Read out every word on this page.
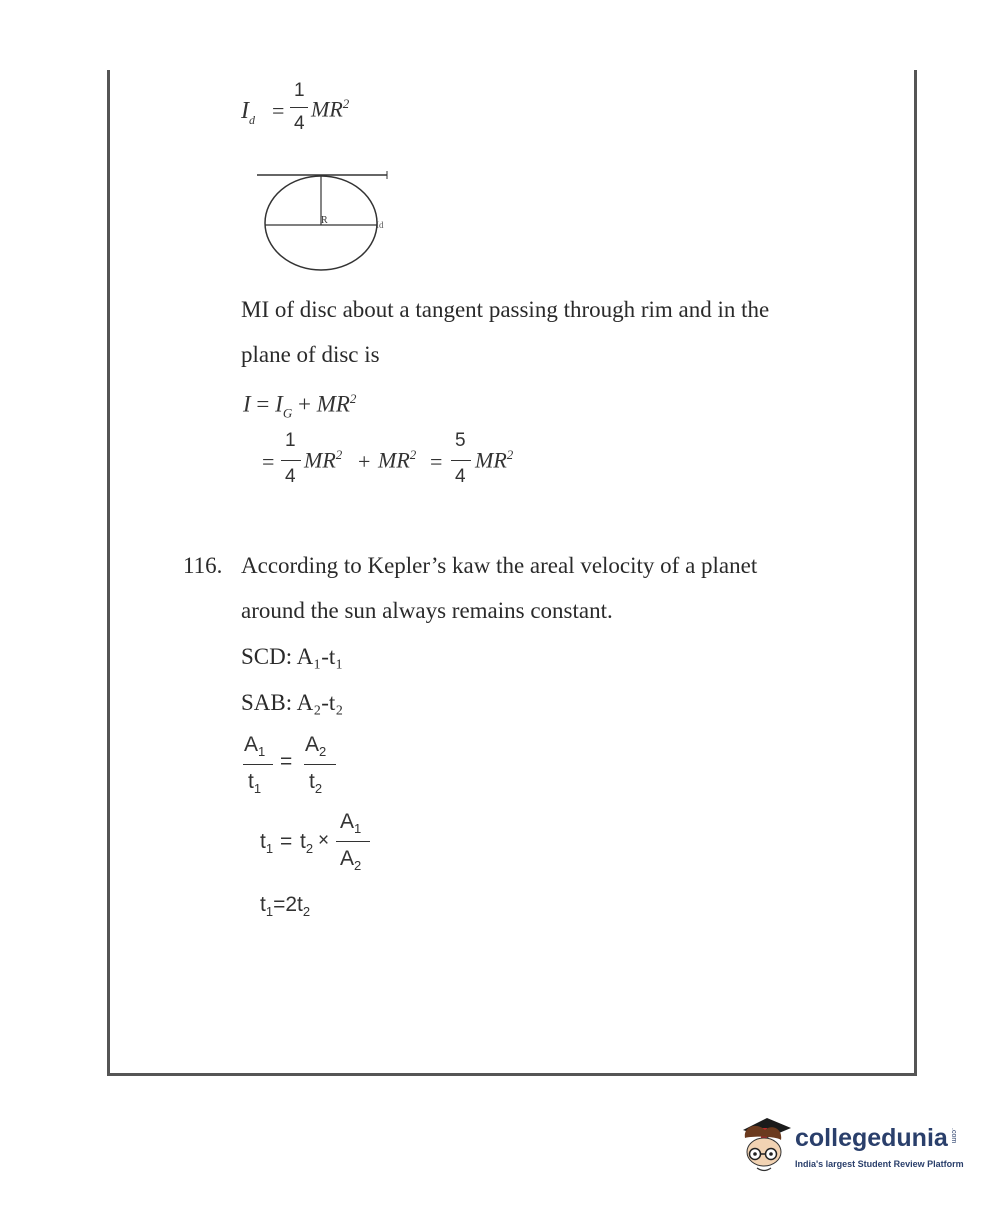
$I_d$ =
1
4
$MR^2$
R	Id
MI of disc about a tangent passing through rim and in the
plane of disc is
$I = I_G + MR^2$
=
1
4
$MR^2 + MR^2$ =
5
4
$MR^2$
116. According to Kepler’s kaw the areal velocity of a planet
around the sun always remains constant.
SCD: A₁-t₁
SAB: A₂-t₂
$A_1$
$t_1$
=
$A_2$
$t_2$
$t_1 = t_2$ ×
$A_1$
$A_2$
$t_1=2t_2$
collegedunia .com
India's largest Student Review Platform
